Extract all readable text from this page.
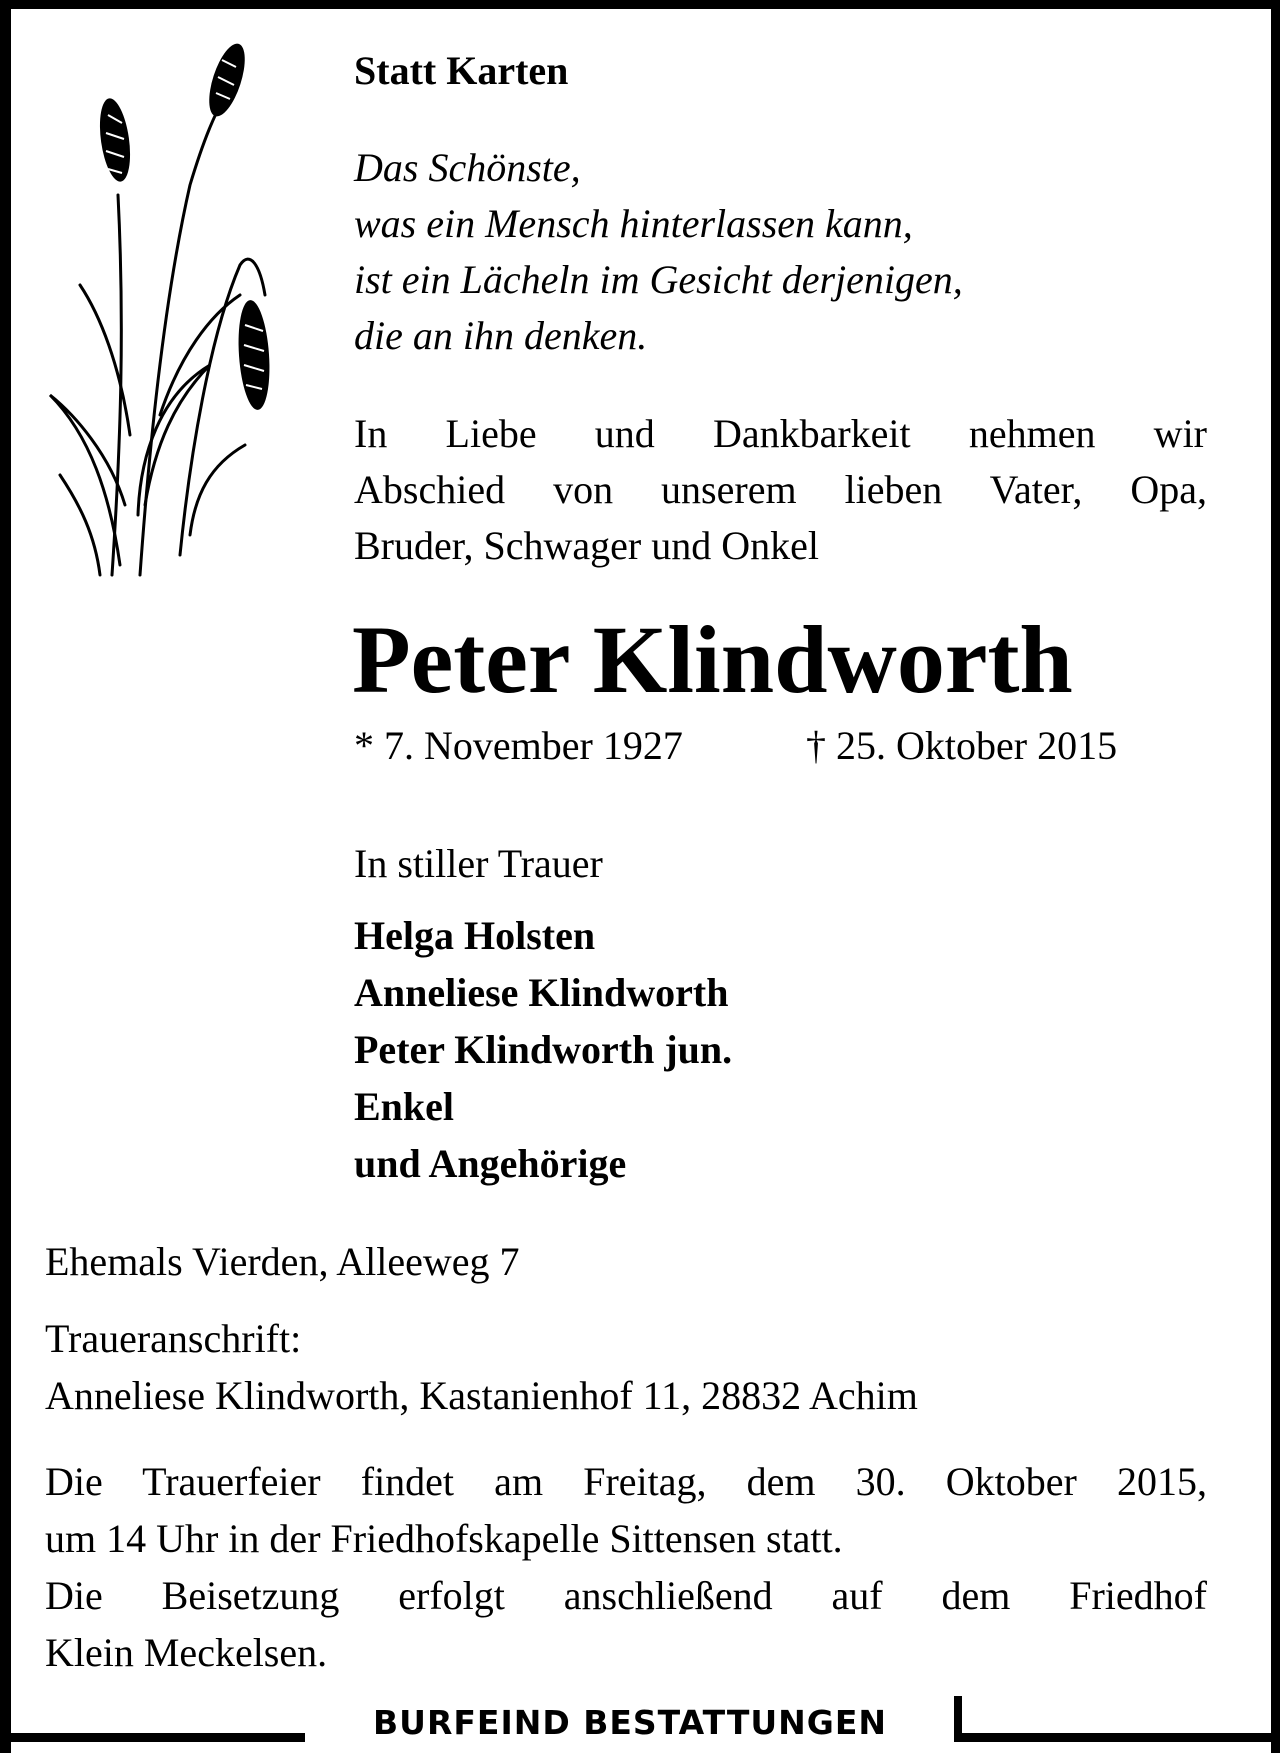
Statt Karten
Das Schönste,
was ein Mensch hinterlassen kann,
ist ein Lächeln im Gesicht derjenigen,
die an ihn denken.
In Liebe und Dankbarkeit nehmen wir
Abschied von unserem lieben Vater, Opa,
Bruder, Schwager und Onkel
Peter Klindworth
* 7. November 1927	† 25. Oktober 2015
In stiller Trauer
Helga Holsten
Anneliese Klindworth
Peter Klindworth jun.
Enkel
und Angehörige
Ehemals Vierden, Alleeweg 7
Traueranschrift:
Anneliese Klindworth, Kastanienhof 11, 28832 Achim
Die Trauerfeier findet am Freitag, dem 30. Oktober 2015,
um 14 Uhr in der Friedhofskapelle Sittensen statt.
Die Beisetzung erfolgt anschließend auf dem Friedhof
Klein Meckelsen.
BURFEIND BESTATTUNGEN
